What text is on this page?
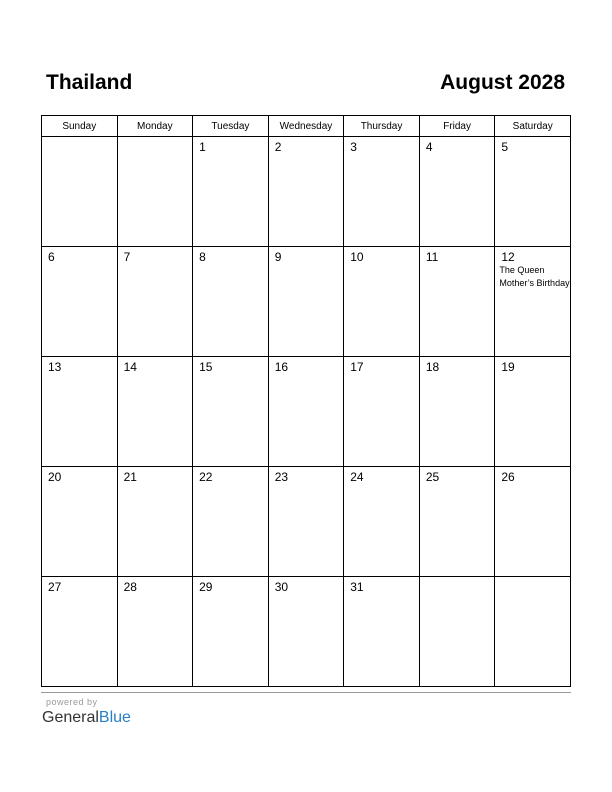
Thailand	August 2028
Sunday	Monday	Tuesday	Wednesday	Thursday	Friday	Saturday

		1	2	3	4	5

6	7	8	9	10	11	12
The Queen Mother’s Birthday

13	14	15	16	17	18	19

20	21	22	23	24	25	26

27	28	29	30	31		

powered by
GeneralBlue
